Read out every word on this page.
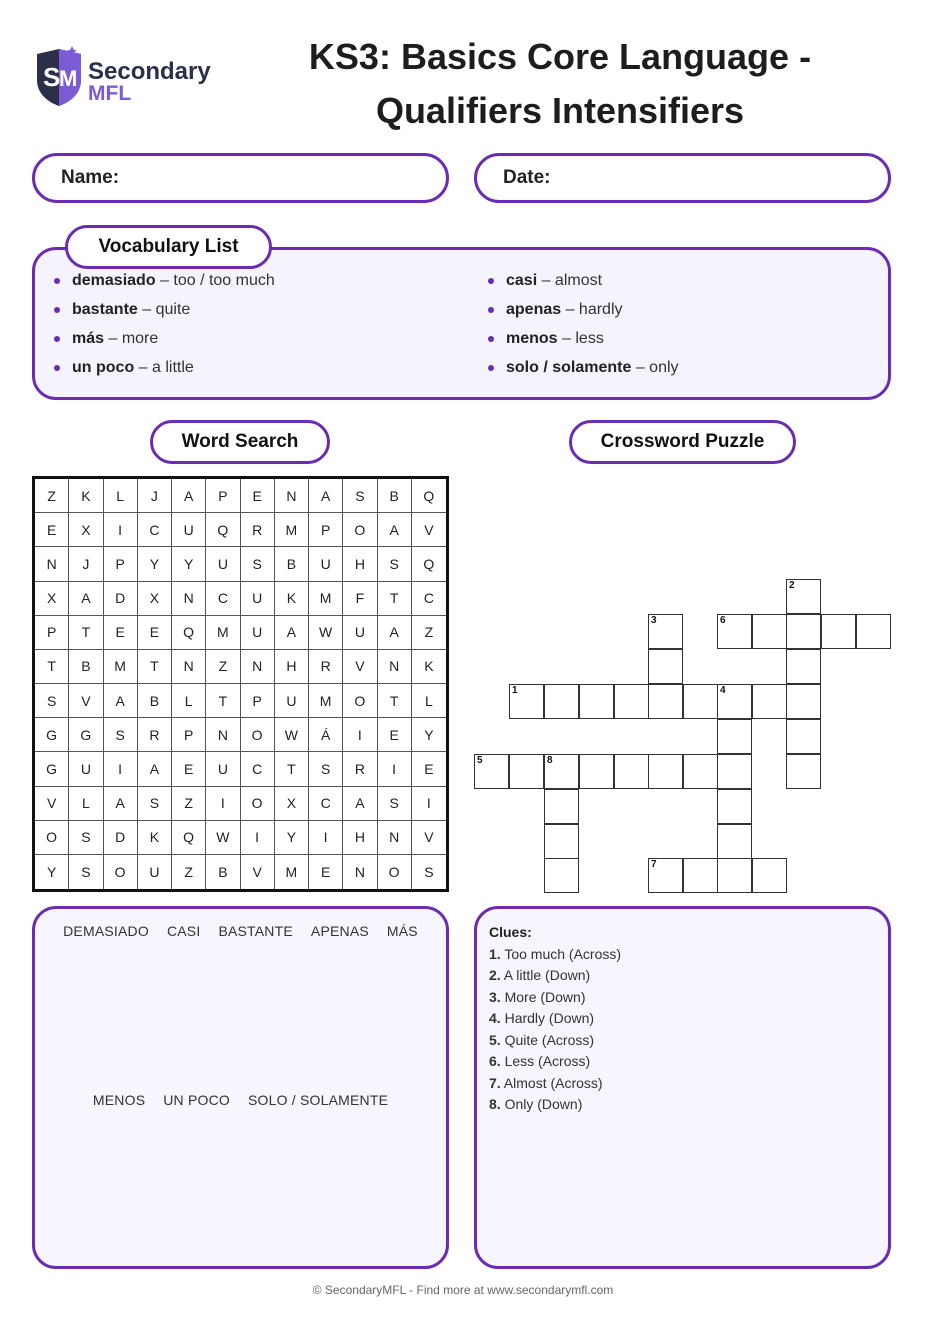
S
M Secondary
MFL
KS3: Basics Core Language -
Qualifiers Intensifiers
Name:	Date:
Vocabulary List
demasiado – too / too much
bastante – quite
más – more
un poco – a little
casi – almost
apenas – hardly
menos – less
solo / solamente – only
Word Search	Crossword Puzzle
Z	K	L	J	A	P	E	N	A	S	B	Q
E	X	I	C	U	Q	R	M	P	O	A	V
N	J	P	Y	Y	U	S	B	U	H	S	Q
X	A	D	X	N	C	U	K	M	F	T	C
P	T	E	E	Q	M	U	A	W	U	A	Z
T	B	M	T	N	Z	N	H	R	V	N	K
S	V	A	B	L	T	P	U	M	O	T	L
G	G	S	R	P	N	O	W	Á	I	E	Y
G	U	I	A	E	U	C	T	S	R	I	E
V	L	A	S	Z	I	O	X	C	A	S	I
O	S	D	K	Q	W	I	Y	I	H	N	V
Y	S	O	U	Z	B	V	M	E	N	O	S
2
6
3
1	4
5	8
7
DEMASIADO CASI BASTANTE APENAS MÁS
MENOS UN POCO SOLO / SOLAMENTE
Clues:
1. Too much (Across)
2. A little (Down)
3. More (Down)
4. Hardly (Down)
5. Quite (Across)
6. Less (Across)
7. Almost (Across)
8. Only (Down)
© SecondaryMFL - Find more at www.secondarymfl.com
